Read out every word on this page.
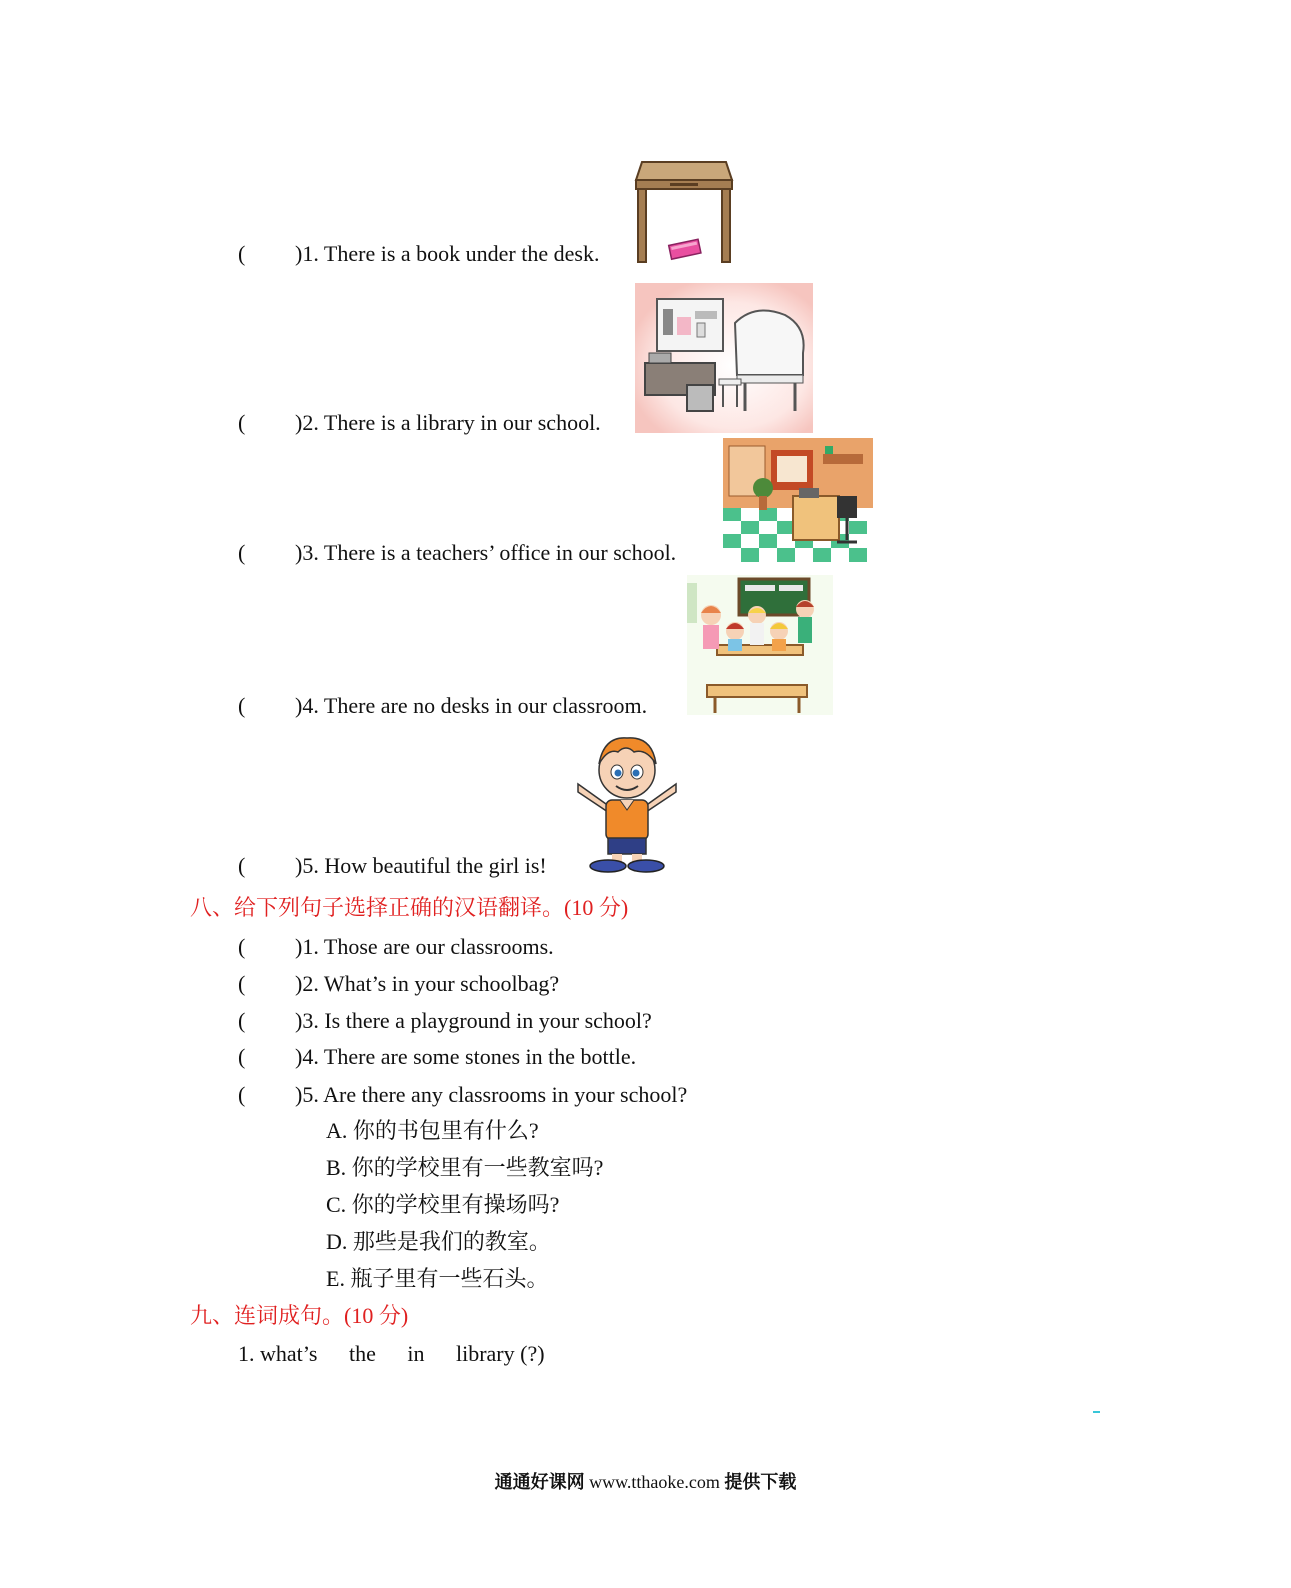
( )1. There is a book under the desk.
( )2. There is a library in our school.
( )3. There is a teachers’ office in our school.
( )4. There are no desks in our classroom.
( )5. How beautiful the girl is!
八、给下列句子选择正确的汉语翻译。(10 分)
( )1. Those are our classrooms.
( )2. What’s in your schoolbag?
( )3. Is there a playground in your school?
( )4. There are some stones in the bottle.
( )5. Are there any classrooms in your school?
A. 你的书包里有什么?
B. 你的学校里有一些教室吗?
C. 你的学校里有操场吗?
D. 那些是我们的教室。
E. 瓶子里有一些石头。
九、连词成句。(10 分)
1. what’s the in library (?)
通通好课网 www.tthaoke.com 提供下载
